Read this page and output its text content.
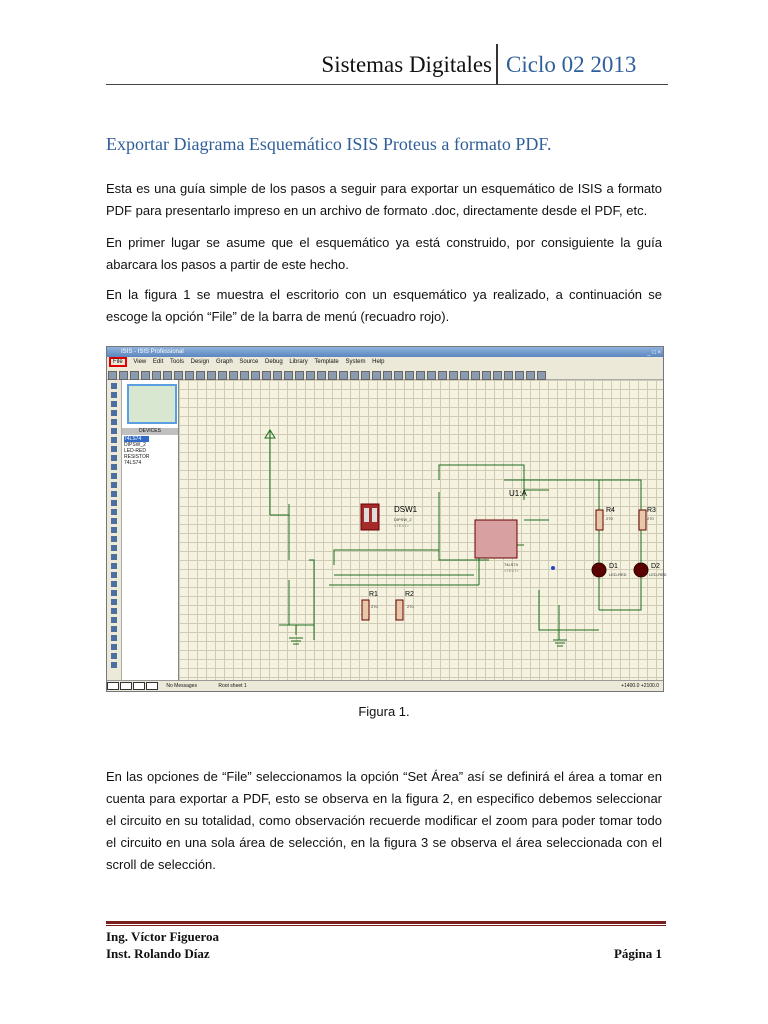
Sistemas Digitales Ciclo 02 2013
Exportar Diagrama Esquemático ISIS Proteus a formato PDF.

Esta es una guía simple de los pasos a seguir para exportar un esquemático de ISIS a formato PDF para presentarlo impreso en un archivo de formato .doc, directamente desde el PDF, etc.

En primer lugar se asume que el esquemático ya está construido, por consiguiente la guía abarcara los pasos a partir de este hecho.

En la figura 1 se muestra el escritorio con un esquemático ya realizado, a continuación se escoge la opción “File” de la barra de menú (recuadro rojo).

ISIS - ISIS Professional	_ □ ×
File View Edit Tools Design Graph Source Debug Library Template System Help
DEVICES
74LS74
DIPSW_2
LED-RED
RESISTOR
74LS74
DSW1
DIPSW_2
<TEXT>
U1:A
74LS74
<TEXT>
R1
270
R2
270
R4
270
R3
270
D1
LED-RED
D2
LED-RED
No Messages	Root sheet 1	+1400.0 +2100.0
Figura 1.

En las opciones de “File” seleccionamos la opción “Set Área” así se definirá el área a tomar en cuenta para exportar a PDF, esto se observa en la figura 2, en especifico debemos seleccionar el circuito en su totalidad, como observación recuerde modificar el zoom para poder tomar todo el circuito en una sola área de selección, en la figura 3 se observa el área seleccionada con el scroll de selección.

Ing. Víctor Figueroa
Inst. Rolando Díaz	Página 1
